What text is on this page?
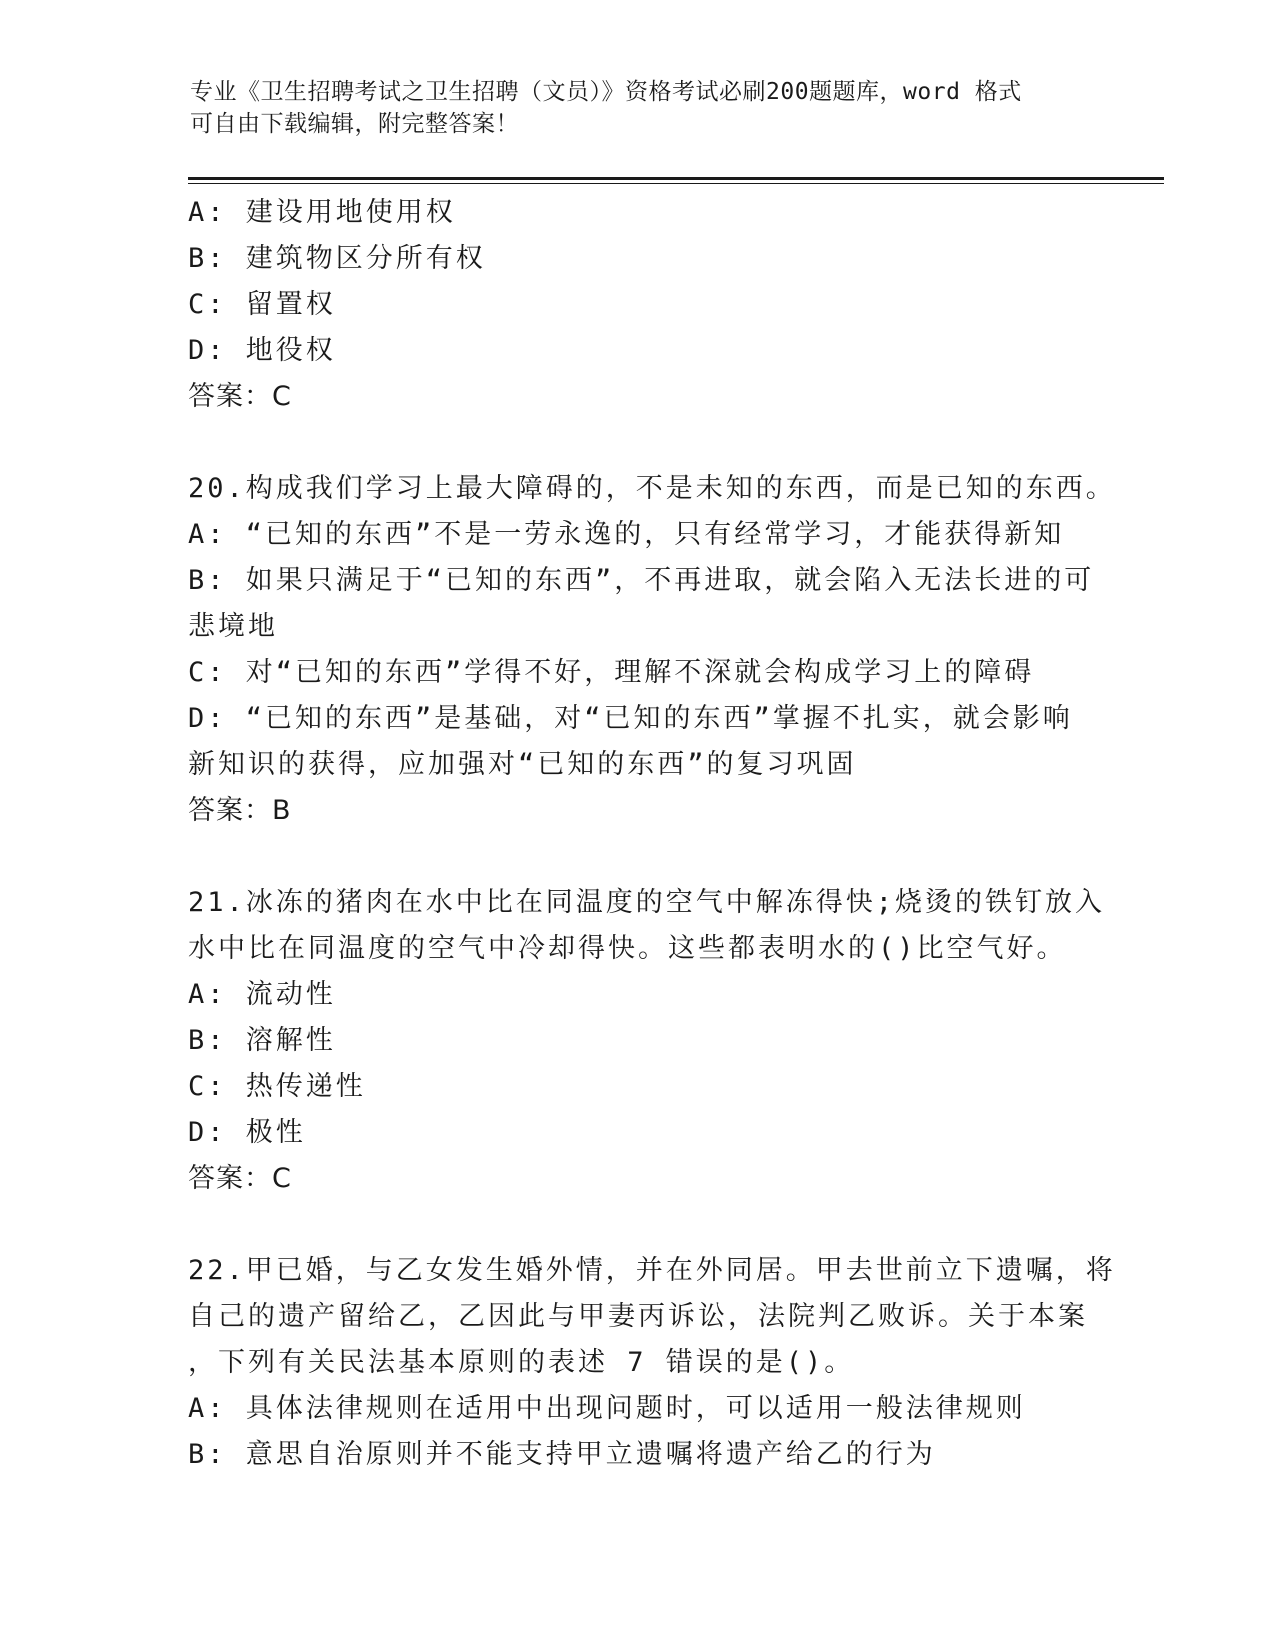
专业《卫生招聘考试之卫生招聘（文员）》资格考试必刷200题题库，word 格式
可自由下载编辑，附完整答案！
A: 建设用地使用权
B: 建筑物区分所有权
C: 留置权
D: 地役权
答案：C
20.构成我们学习上最大障碍的，不是未知的东西，而是已知的东西。
A: “已知的东西”不是一劳永逸的，只有经常学习，才能获得新知
B: 如果只满足于“已知的东西”，不再进取，就会陷入无法长进的可
悲境地
C: 对“已知的东西”学得不好，理解不深就会构成学习上的障碍
D: “已知的东西”是基础，对“已知的东西”掌握不扎实，就会影响
新知识的获得，应加强对“已知的东西”的复习巩固
答案：B
21.冰冻的猪肉在水中比在同温度的空气中解冻得快;烧烫的铁钉放入
水中比在同温度的空气中冷却得快。这些都表明水的()比空气好。
A: 流动性
B: 溶解性
C: 热传递性
D: 极性
答案：C
22.甲已婚，与乙女发生婚外情，并在外同居。甲去世前立下遗嘱，将
自己的遗产留给乙，乙因此与甲妻丙诉讼，法院判乙败诉。关于本案
，下列有关民法基本原则的表述 7 错误的是()。
A: 具体法律规则在适用中出现问题时，可以适用一般法律规则
B: 意思自治原则并不能支持甲立遗嘱将遗产给乙的行为
